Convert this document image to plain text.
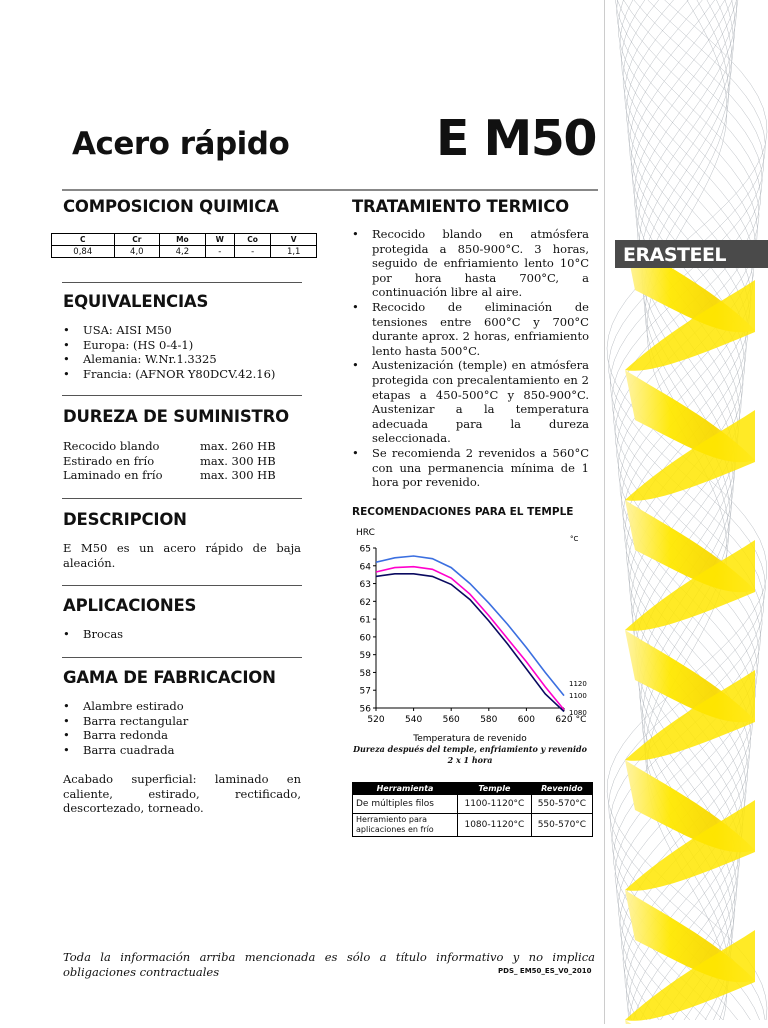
Acero rápido	E M50
COMPOSICION QUIMICA
C	Cr	Mo	W	Co	V
0,84	4,0	4,2	-	-	1,1
EQUIVALENCIAS
• USA: AISI M50
• Europa: (HS 0-4-1)
• Alemania: W.Nr.1.3325
• Francia: (AFNOR Y80DCV.42.16)
DUREZA DE SUMINISTRO
Recocido blando	max. 260 HB
Estirado en frío	max. 300 HB
Laminado en frío	max. 300 HB
DESCRIPCION
E M50 es un acero rápido de baja aleación.
APLICACIONES
• Brocas
GAMA DE FABRICACION
• Alambre estirado
• Barra rectangular
• Barra redonda
• Barra cuadrada
Acabado superficial: laminado en caliente, estirado, rectificado, descortezado, torneado.
TRATAMIENTO TERMICO
• Recocido blando en atmósfera protegida a 850-900°C. 3 horas, seguido de enfriamiento lento 10°C por hora hasta 700°C, a continuación libre al aire.
• Recocido de eliminación de tensiones entre 600°C y 700°C durante aprox. 2 horas, enfriamiento lento hasta 500°C.
• Austenización (temple) en atmósfera protegida con precalentamiento en 2 etapas a 450-500°C y 850-900°C. Austenizar a la temperatura adecuada para la dureza seleccionada.
• Se recomienda 2 revenidos a 560°C con una permanencia mínima de 1 hora por revenido.
RECOMENDACIONES PARA EL TEMPLE
56
57
58
59
60
61
62
63
64
65
520 540 560 580 600 620
HRC
°C
°C
Temperatura de revenido
1120
1100
1080
Dureza después del temple, enfriamiento y revenido
2 x 1 hora
Herramienta	Temple	Revenido
De múltiples filos	1100-1120°C	550-570°C
Herramiento para aplicaciones en frío	1080-1120°C	550-570°C
Toda la información arriba mencionada es sólo a título informativo y no implica obligaciones contractuales	PDS_ EM50_ES_V0_2010
ERASTEEL
